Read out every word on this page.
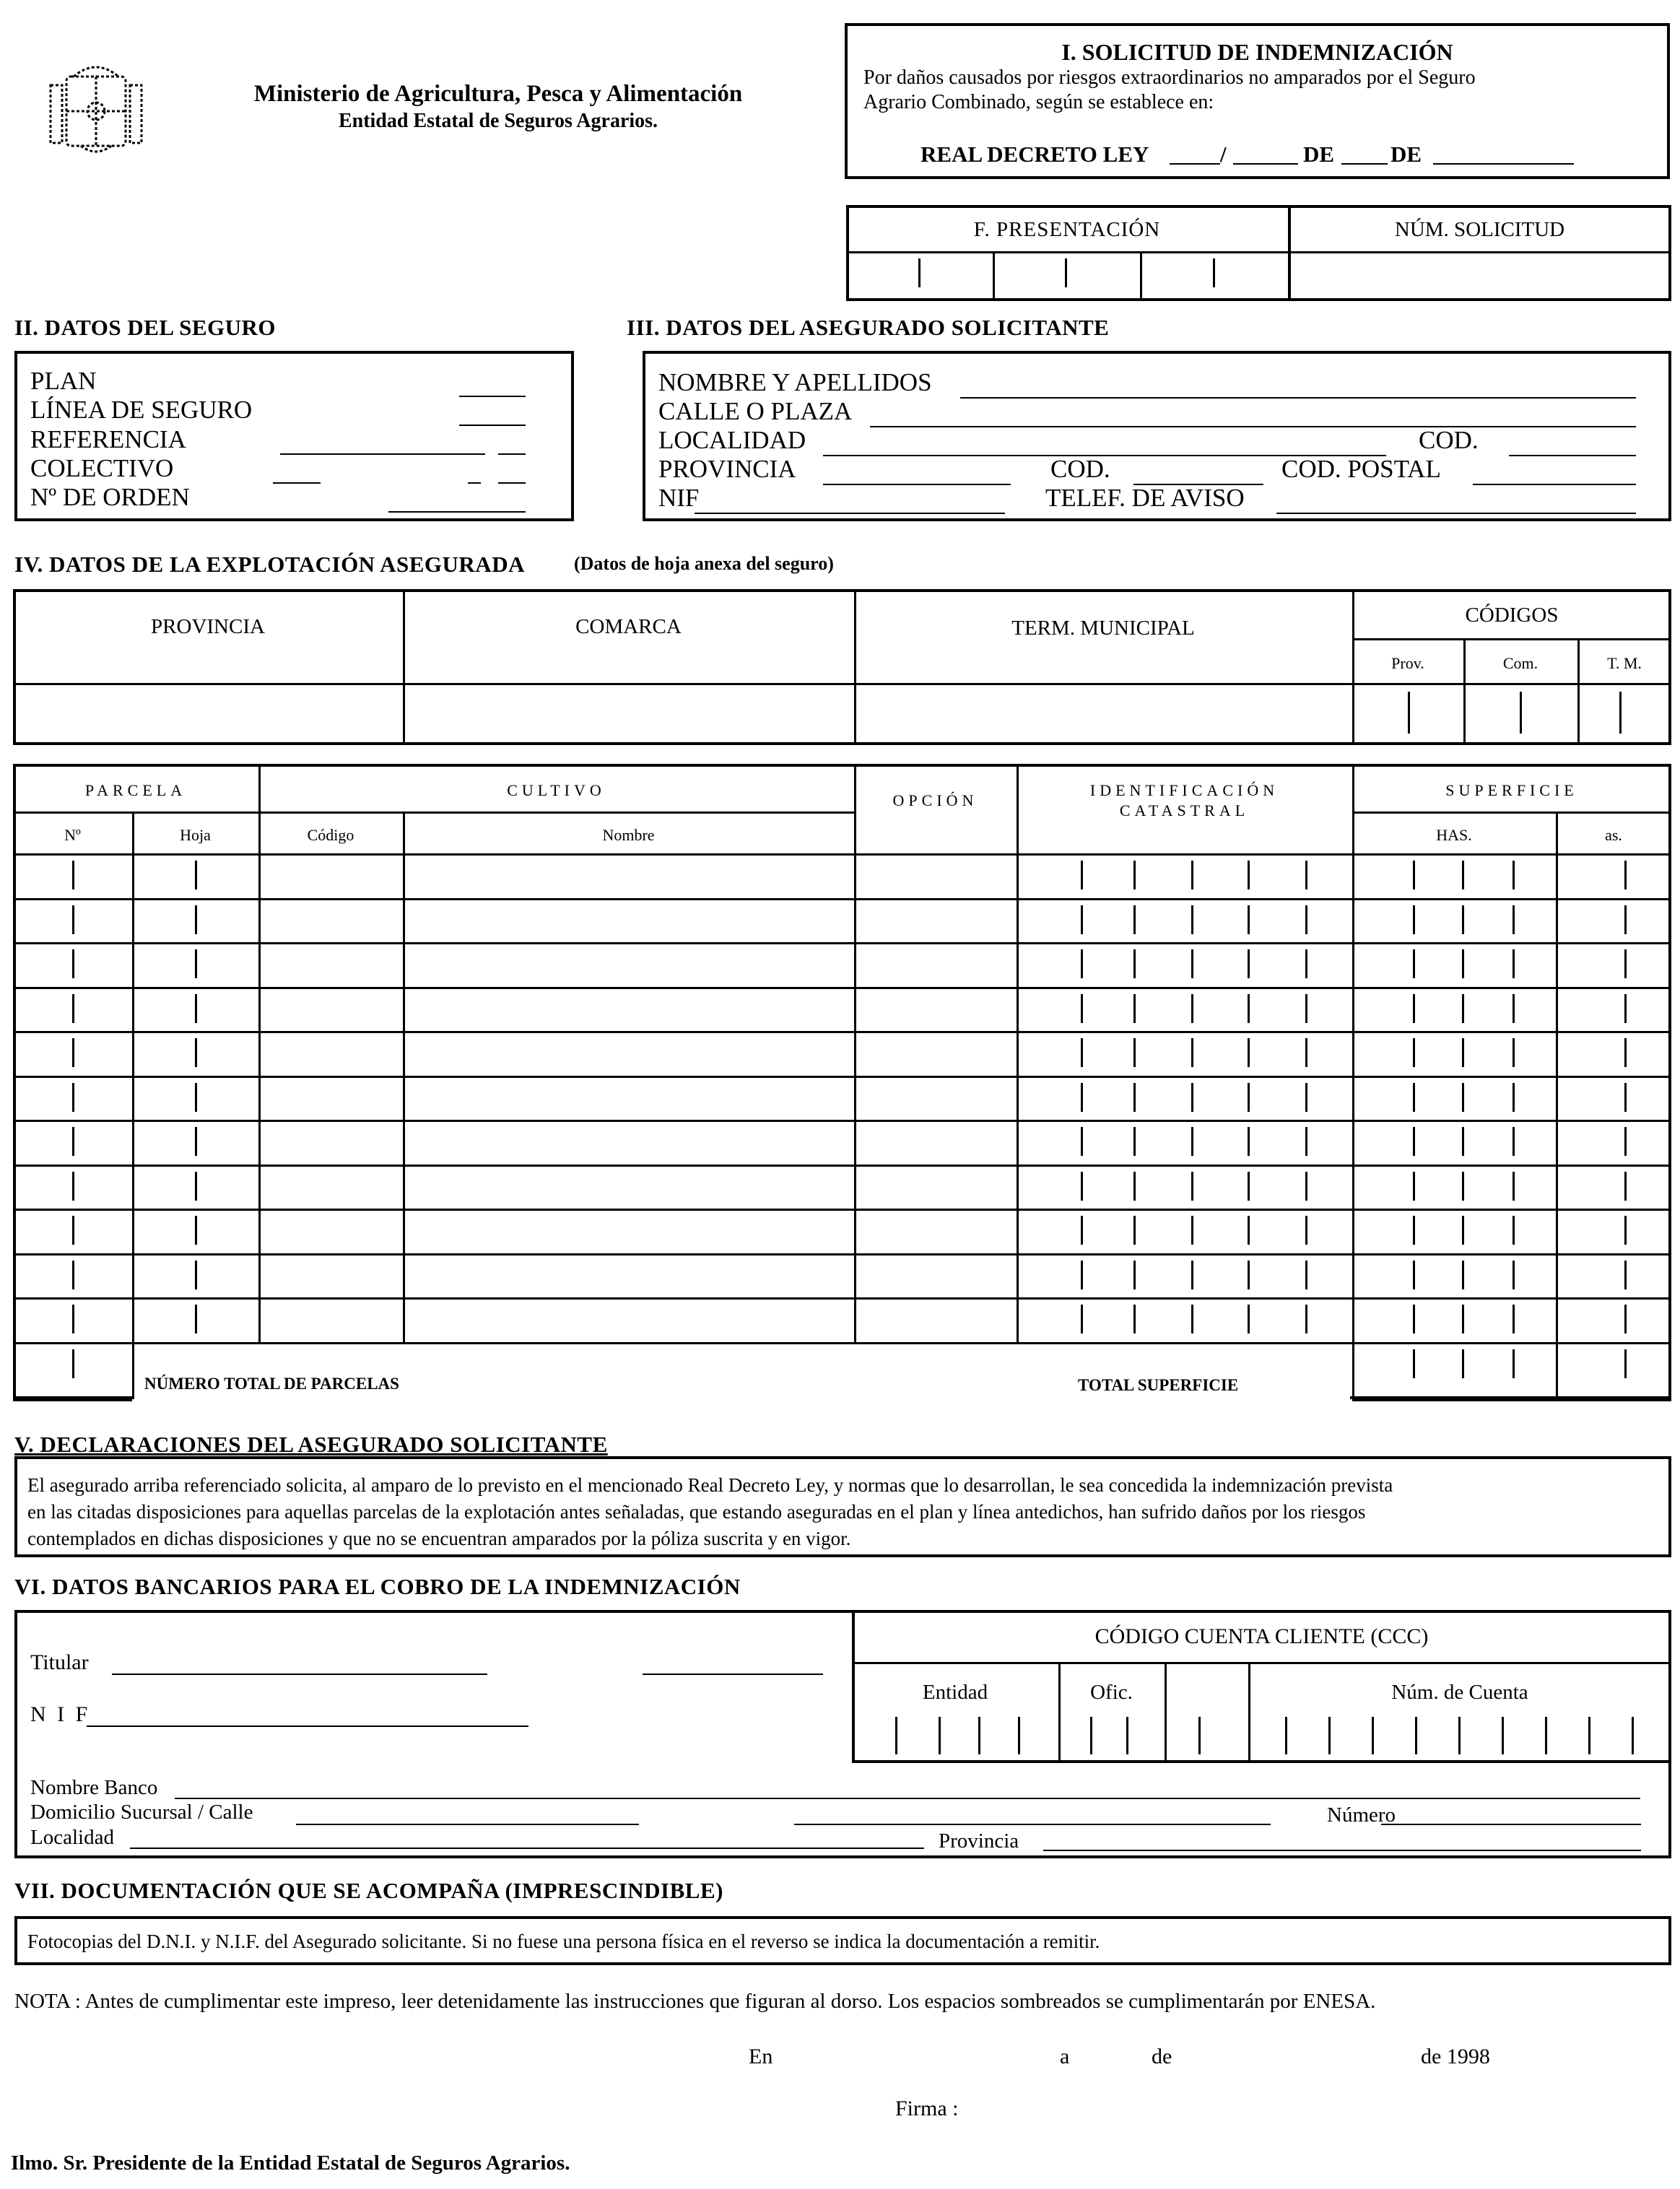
Ministerio de Agricultura, Pesca y Alimentación
Entidad Estatal de Seguros Agrarios.
I. SOLICITUD DE INDEMNIZACIÓN
Por daños causados por riesgos extraordinarios no amparados por el Seguro
Agrario Combinado, según se establece en:
REAL DECRETO LEY	/	DE	DE
F. PRESENTACIÓN	NÚM. SOLICITUD
II. DATOS DEL SEGURO
PLAN
LÍNEA DE SEGURO
REFERENCIA
COLECTIVO
Nº DE ORDEN
III. DATOS DEL ASEGURADO SOLICITANTE
NOMBRE Y APELLIDOS
CALLE O PLAZA
LOCALIDAD	COD.
PROVINCIA	COD.	COD. POSTAL
NIF	TELEF. DE AVISO
IV. DATOS DE LA EXPLOTACIÓN ASEGURADA	(Datos de hoja anexa del seguro)
PROVINCIA	COMARCA	TERM. MUNICIPAL
CÓDIGOS
Prov.	Com.	T. M.
PARCELA	CULTIVO
OPCIÓN
IDENTIFICACIÓN
CATASTRAL
SUPERFICIE
Nº	Hoja	Código	Nombre	HAS.	as.
NÚMERO TOTAL DE PARCELAS	TOTAL SUPERFICIE
V. DECLARACIONES DEL ASEGURADO SOLICITANTE
El asegurado arriba referenciado solicita, al amparo de lo previsto en el mencionado Real Decreto Ley, y normas que lo desarrollan, le sea concedida la indemnización prevista
en las citadas disposiciones para aquellas parcelas de la explotación antes señaladas, que estando aseguradas en el plan y línea antedichos, han sufrido daños por los riesgos
contemplados en dichas disposiciones y que no se encuentran amparados por la póliza suscrita y en vigor.
VI. DATOS BANCARIOS PARA EL COBRO DE LA INDEMNIZACIÓN
Titular
N I F
CÓDIGO CUENTA CLIENTE (CCC)
Entidad	Ofic.	Núm. de Cuenta
Nombre Banco
Domicilio Sucursal / Calle	Número
Localidad	Provincia
VII. DOCUMENTACIÓN QUE SE ACOMPAÑA (IMPRESCINDIBLE)
Fotocopias del D.N.I. y N.I.F. del Asegurado solicitante. Si no fuese una persona física en el reverso se indica la documentación a remitir.
NOTA : Antes de cumplimentar este impreso, leer detenidamente las instrucciones que figuran al dorso. Los espacios sombreados se cumplimentarán por ENESA.
En	a	de	de 1998
Firma :
Ilmo. Sr. Presidente de la Entidad Estatal de Seguros Agrarios.
